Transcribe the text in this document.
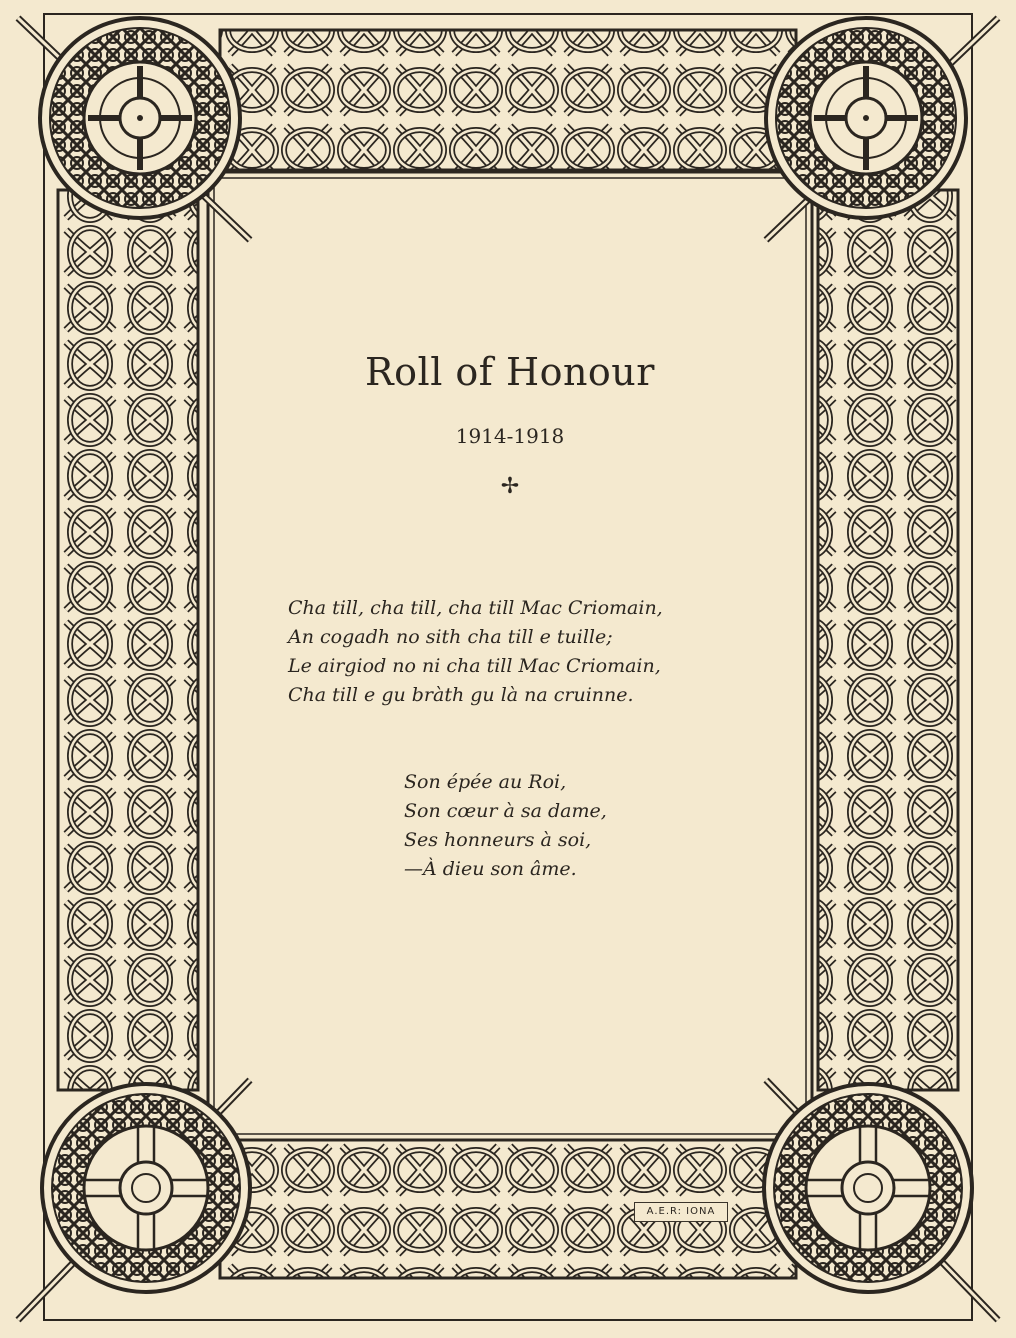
Roll of Honour
1914-1918
✢
Cha till, cha till, cha till Mac Criomain,
An cogadh no sith cha till e tuille;
Le airgiod no ni cha till Mac Criomain,
Cha till e gu bràth gu là na cruinne.
Son épée au Roi,
Son cœur à sa dame,
Ses honneurs à soi,
—À dieu son âme.
A.E.R: IONA
